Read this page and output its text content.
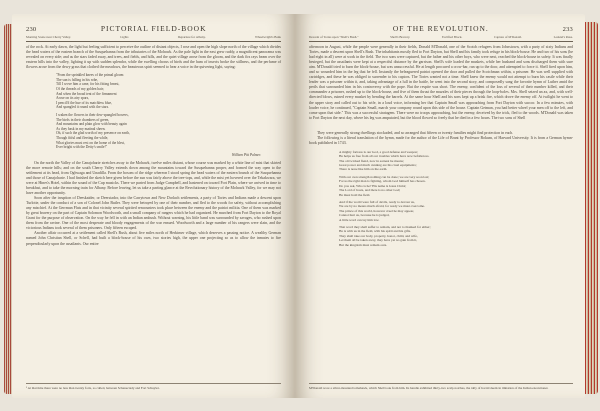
230	PICTORIAL FIELD-BOOK
Morning Scene near Cherry Valley.	Lights	Departure for Albany.	Wheelwright's Bank

of the rock. At early dawn, the light but feeling sufficient to perceive the outline of distant objects, I rose and open the high slope north of the village which divides the head waters of the eastern branch of the Susquehanna from the tributaries of the Mohawk. As the pale light in the east grew ruddy, a magnificent panorama was revealed on every side; and as the stars faded away, and trees, and fields, and hills, and the quiet village arose from the gloom, and the dark firs rays beam over the eastern hills into the valley, lighting it up with sudden splendor, while the swelling chorus of birds and the hum of insects broke the stillness, and the perfume of flowers arose from the dewy grass that clothed the meadows, the beauteous spirit seemed to hear a voice in the quivering light, saying:

"From the sprinkled knees of the primal gloom
The sun is falling in his robe,
Till I wove him a cane, for his fitting breast,
Of the threads of my golden hair;
And when the broad tent of the firmament
Arose on its airy spars,
I pencil'd the hue of its matchless blue,
And spangled it round with the stars.
I waken the flowers in their dew-spangled bowers,
The birds in their chambers of green,
And mountains and plain glow with beauty again
As they bask in my matinal sheen.
Oh, if such the glad worth of my presence on earth,
Though fitful and fleeting the while,
What glories must rest on the home of the blest,
Ever bright with the Deity's smile!"
William Pitt Palmer.

On the north the Valley of the Canajoharie stretches away to the Mohawk, twelve miles distant, whose course was marked by a white line of mist that skirted the more remote hills; and on the south Cherry Valley extends down among the mountains toward the Susquehanna proper, and formed the way open to the settlement at its head, from Oghwaga and Unadilla. From the bosom of the ridge whereon I stood spring the head waters of the eastern branch of the Susquehanna and those of Canajoharie. I had finished the sketch here given before the sun was fairly above the tree-tops, and, while the mist yet hovered over the Tekakwara, we were at Hines's Hotel, within the sound of the Cup musicks. There we parted from Judge Campbell, and hastened on toward Fort Plain, where we arrived in time to breakfast, and to take the morning train for Albany. Before leaving, let us take a parting glance at the Revolutionary history of the Mohawk Valley, for we may not have another opportunity.

Soon after the irruption of Deeskaider, or Deerstador, into the Carrytown and New Dorlach settlements, a party of Tories and Indians made a descent upon Turlotte, under the conduct of a son of Colonel John Butler. They were betrayed by one of their number, and fled to the woods for safety, without accomplishing any mischief. At the Gerrman Flats and in that vicinity several spirited rencounters took place between the enemy and the patriot militia. One of them was marked by great bravery on the part of Captain Solomon Woodworth, and a small company of rangers which he had organized. He marched from Fort Dayton to the Royal Grant for the purpose of observation. On the way he fell in with an Indian ambush. Without warning, his little band was surrounded by savages, who rushed upon them from the ravine. One of the most desperate and bloody engagements of the war ensued. Woodworth and a large number of his rangers were slain, and the victorious Indians took several of them prisoners. Only fifteen escaped.

Another affair occurred at a settlement called Shell's Bush, about five miles north of Herkimer village, which deserves a passing notice. A wealthy German named John Christian Shell, or Schell, had built a block-house of his own, two stories high, the upper one projecting so as to allow the inmates to fire perpendicularly upon the assailants. Our entire

¹ At that time there were no less than twenty forts, so called, between Schenectady and Fort Schuyler.
OF THE REVOLUTION.	233
Descent of Tories upon "Shell's Bush."	Shell's Bravery.	Fortified Block.	Capture of M'Donald.	Loskiel's Ruse.

afternoon in August, while the people were generally in their fields, Donald M'Donald, one of the Scotch refugees from Johnstown, with a party of sixty Indians and Tories, made a descent upon Shell's Bush. The inhabitants mostly fled to Fort Dayton, but Shell and his family took refuge in his block-house. He and two of his sons (he had eight in all) were at work in the field. The two sons were captured, but the father and his other boys, who were next, reached the block-house in safety. It was finally besieged, but the assailants were kept at a respectful distance by the garrison. Shell's wife loaded the muskets, while her husband and sons discharged them with sure aim. M'Donald tried to burn the block-house, but was unsuccessful. He at length procured a crow-bar, ran up to the door, and attempted to force it. Shell fired upon him, and so wounded him in the leg that he fell. Instantly the beleaguered patriot opened the door and pulled the Scotchman within, a prisoner. He was well supplied with cartridges, and these he was obliged to surrender to his captors. The Tories wanted not a time. Shell knew the enemy would not attempt to burn his castle while their leader was a prisoner within it, and, taking advantage of a lull in the battle, he went into the second story, and composedly sang the favorite hymn of Luther amid the perils that surrounded him in his controversy with the pope. But the respite was short. The enemy, confident of the loss of several of their number killed, and their commander a prisoner, rushed up to the block-house, and five of them thrust the muzzles of their pieces through the loop-holes. Mrs. Shell seized an ax, and, with well-directed blows, ruined every musket by bending the barrels. At the same hour Shell and his sons kept up a brisk fire, which drove the enemy off. At twilight he went to the upper story and called out to his wife, in a loud voice, informing her that Captain Small was approaching from Fort Dayton with succor. In a few minutes, with louder voice, he continued, "Captain Small, march your company round upon this side of the house. Captain Getman, you had better wheel your men off to the left, and come upon that side." This was a successful stratagem. There were no troops approaching, but the enemy, deceived by the trick, fled to the woods. M'Donald was taken to Fort Dayton the next day, where his leg was amputated, but the blood flowed so freely that he died in a few hours. The two sons of Shell

They were generally strong dwellings stockaded, and so arranged that fifteen or twenty families might find protection in each.

The following is a literal translation of the hymn, made for the author of the Life of Brant by Professor Bokum, of Harvard University. It is from a German hymn-book published in 1743.

A mighty fortress is our God, a good defense and weapon;
He helps us free from all our troubles which have now befallen us.
The old wicked fiend, now in earnest he means;
Great power and much cunning are his cruel equipments;
There is none like him on the earth.
With our own strength nothing can be done; we are very soon lost;
For us the right man is fighting, whom God himself has chosen.
Do you ask, Who is he? His name is Jesus Christ;
The Lord of hosts, and there is no other God;
He must hold the field.
And if the world were full of devils, ready to devour us,
We are by no means much afraid, for ready we must overcome.
The prince of this world, however cruel he may appear,
Cannot hurt us, because he is judged,
A little word can lay him low.
That word they shall suffer to remain, and not to thanked for either;
He is with us in the field, with his spirit and his gifts.
They shall take our body, property, honor, child, and wife,
Let them all be taken away, they have yet no gain from it,
But the kingdom must remain ours.
M'Donald wore a silver-mounted tomahawk, which Shell took from him. Its handle exhibited thirty-two scalp notches, the tally of horrid deeds in imitation of the Indian executioner.
